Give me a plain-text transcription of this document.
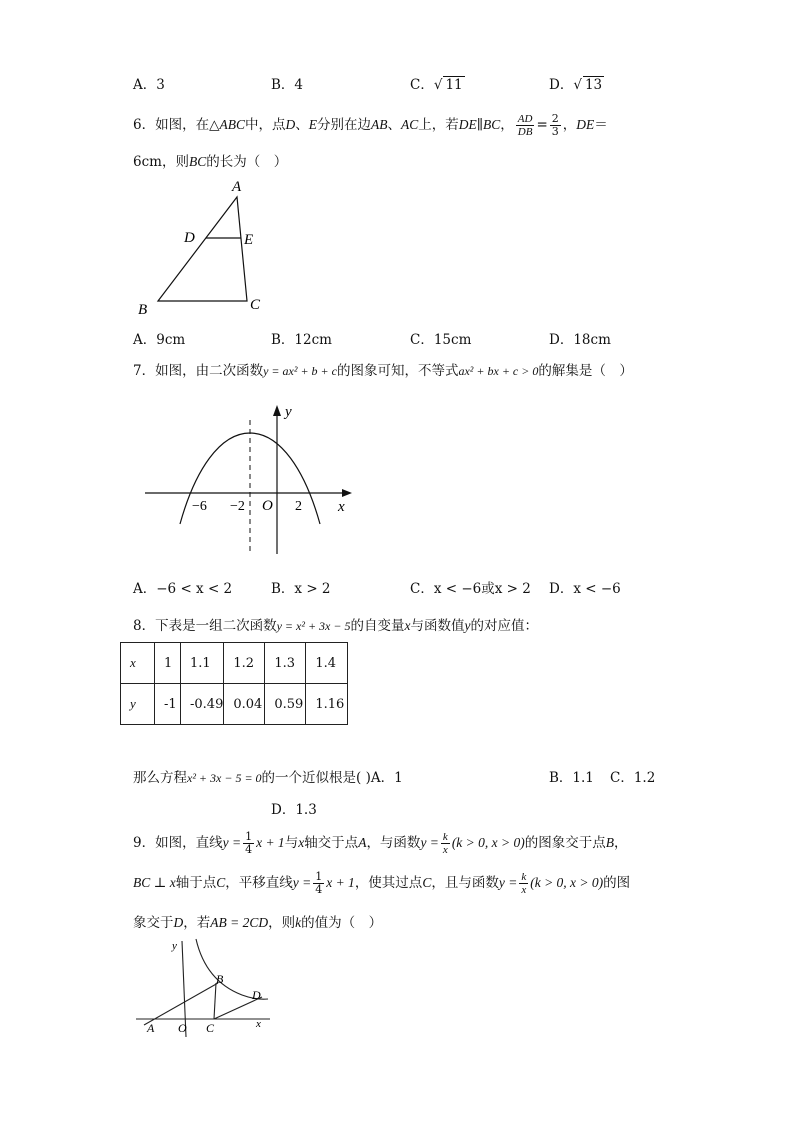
A．3	B．4	C．√ 11	D．√ 13
6．如图，在△ABC中，点D、E分别在边AB、AC上，若DE∥BC， $\frac{AD}{DB} = \frac{2}{3}$ ，DE＝
6cm，则BC的长为（　）
A
D	E
B	C
A．9cm	B．12cm	C．15cm	D．18cm
7．如图，由二次函数y = ax² + b + c的图象可知，不等式ax² + bx + c > 0的解集是（　）
y
x
O
−6 −2	2
A．−6 < x < 2	B．x > 2	C．x < −6或x > 2 D．x < −6
8．下表是一组二次函数y = x² + 3x − 5的自变量x与函数值y的对应值：
x	1	1.1	1.2	1.3	1.4
y	-1	-0.49	0.04	0.59	1.16
那么方程x² + 3x − 5 = 0的一个近似根是( )A．1	B．1.1 C．1.2
D．1.3
9．如图，直线$y = \frac{1}{4}$ x + 1与x轴交于点A，与函数$y = \frac{k}{x} (k > 0$, x > 0)的图象交于点B，
BC ⊥ x轴于点C，平移直线$y = \frac{1}{4}$ x + 1，使其过点C，且与函数$y = \frac{k}{x} (k > 0$, x > 0)的图
象交于D，若AB = 2CD，则k的值为（　）
y
B
D
A O C	x
